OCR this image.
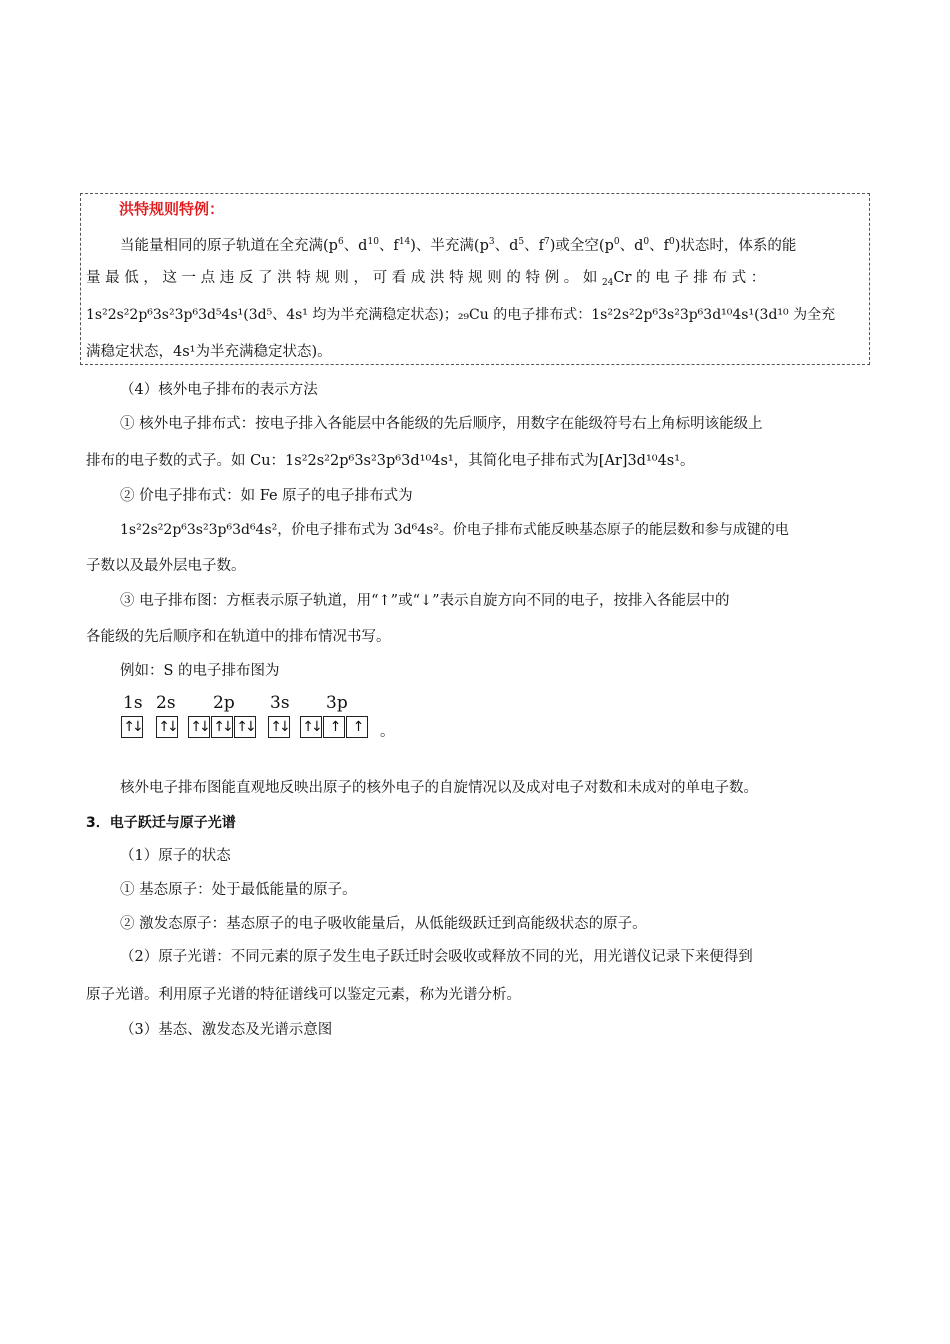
洪特规则特例：
当能量相同的原子轨道在全充满($p^6$、$d^{10}$、$f^{14}$)、半充满($p^3$、$d^5$、$f^7$)或全空($p^0$、$d^0$、$f^0$)状态时，体系的能
量 最 低 ， 这 一 点 违 反 了 洪 特 规 则 ， 可 看 成 洪 特 规 则 的 特 例 。 如 $_{24}$Cr 的 电 子 排 布 式 ：
1s²2s²2p⁶3s²3p⁶3d⁵4s¹(3d⁵、4s¹ 均为半充满稳定状态)；₂₉Cu 的电子排布式：1s²2s²2p⁶3s²3p⁶3d¹⁰4s¹(3d¹⁰ 为全充
满稳定状态，4s¹为半充满稳定状态)。
（4）核外电子排布的表示方法
① 核外电子排布式：按电子排入各能层中各能级的先后顺序，用数字在能级符号右上角标明该能级上
排布的电子数的式子。如 Cu：1s²2s²2p⁶3s²3p⁶3d¹⁰4s¹，其简化电子排布式为[Ar]3d¹⁰4s¹。
② 价电子排布式：如 Fe 原子的电子排布式为
1s²2s²2p⁶3s²3p⁶3d⁶4s²，价电子排布式为 3d⁶4s²。价电子排布式能反映基态原子的能层数和参与成键的电
子数以及最外层电子数。
③ 电子排布图：方框表示原子轨道，用“↑”或“↓”表示自旋方向不同的电子，按排入各能层中的
各能级的先后顺序和在轨道中的排布情况书写。
例如：S 的电子排布图为
1s 2s 2p 3s 3p
↑↓ ↑↓ ↑↓ ↑↓ ↑↓ ↑↓ ↑↓ ↑	↑	。
核外电子排布图能直观地反映出原子的核外电子的自旋情况以及成对电子对数和未成对的单电子数。
3．电子跃迁与原子光谱
（1）原子的状态
① 基态原子：处于最低能量的原子。
② 激发态原子：基态原子的电子吸收能量后，从低能级跃迁到高能级状态的原子。
（2）原子光谱：不同元素的原子发生电子跃迁时会吸收或释放不同的光，用光谱仪记录下来便得到
原子光谱。利用原子光谱的特征谱线可以鉴定元素，称为光谱分析。
（3）基态、激发态及光谱示意图
